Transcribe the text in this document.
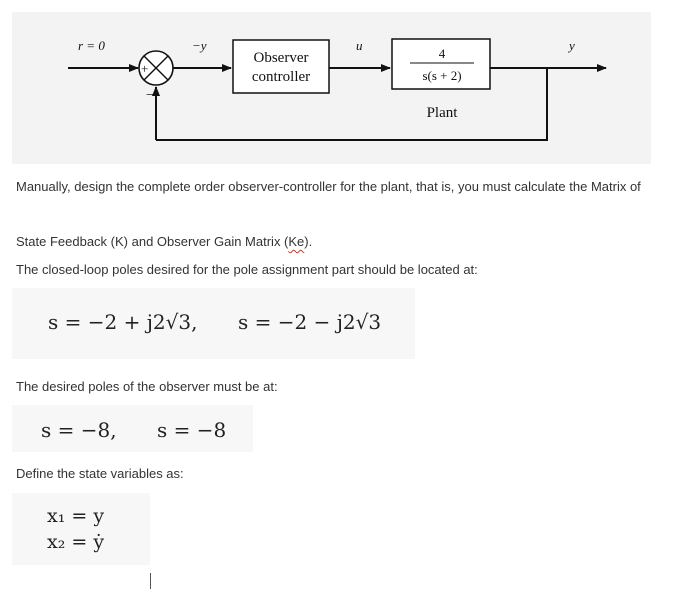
r = 0
+
−
−y
Observer
controller
u
4
s(s + 2)
Plant
y

Manually, design the complete order observer-controller for the plant, that is, you must calculate the Matrix of

State Feedback (K) and Observer Gain Matrix (Ke).

The closed-loop poles desired for the pole assignment part should be located at:

s = −2 + j2√3, s = −2 − j2√3

The desired poles of the observer must be at:

s = −8, s = −8

Define the state variables as:

x₁ = y
x₂ = ẏ
